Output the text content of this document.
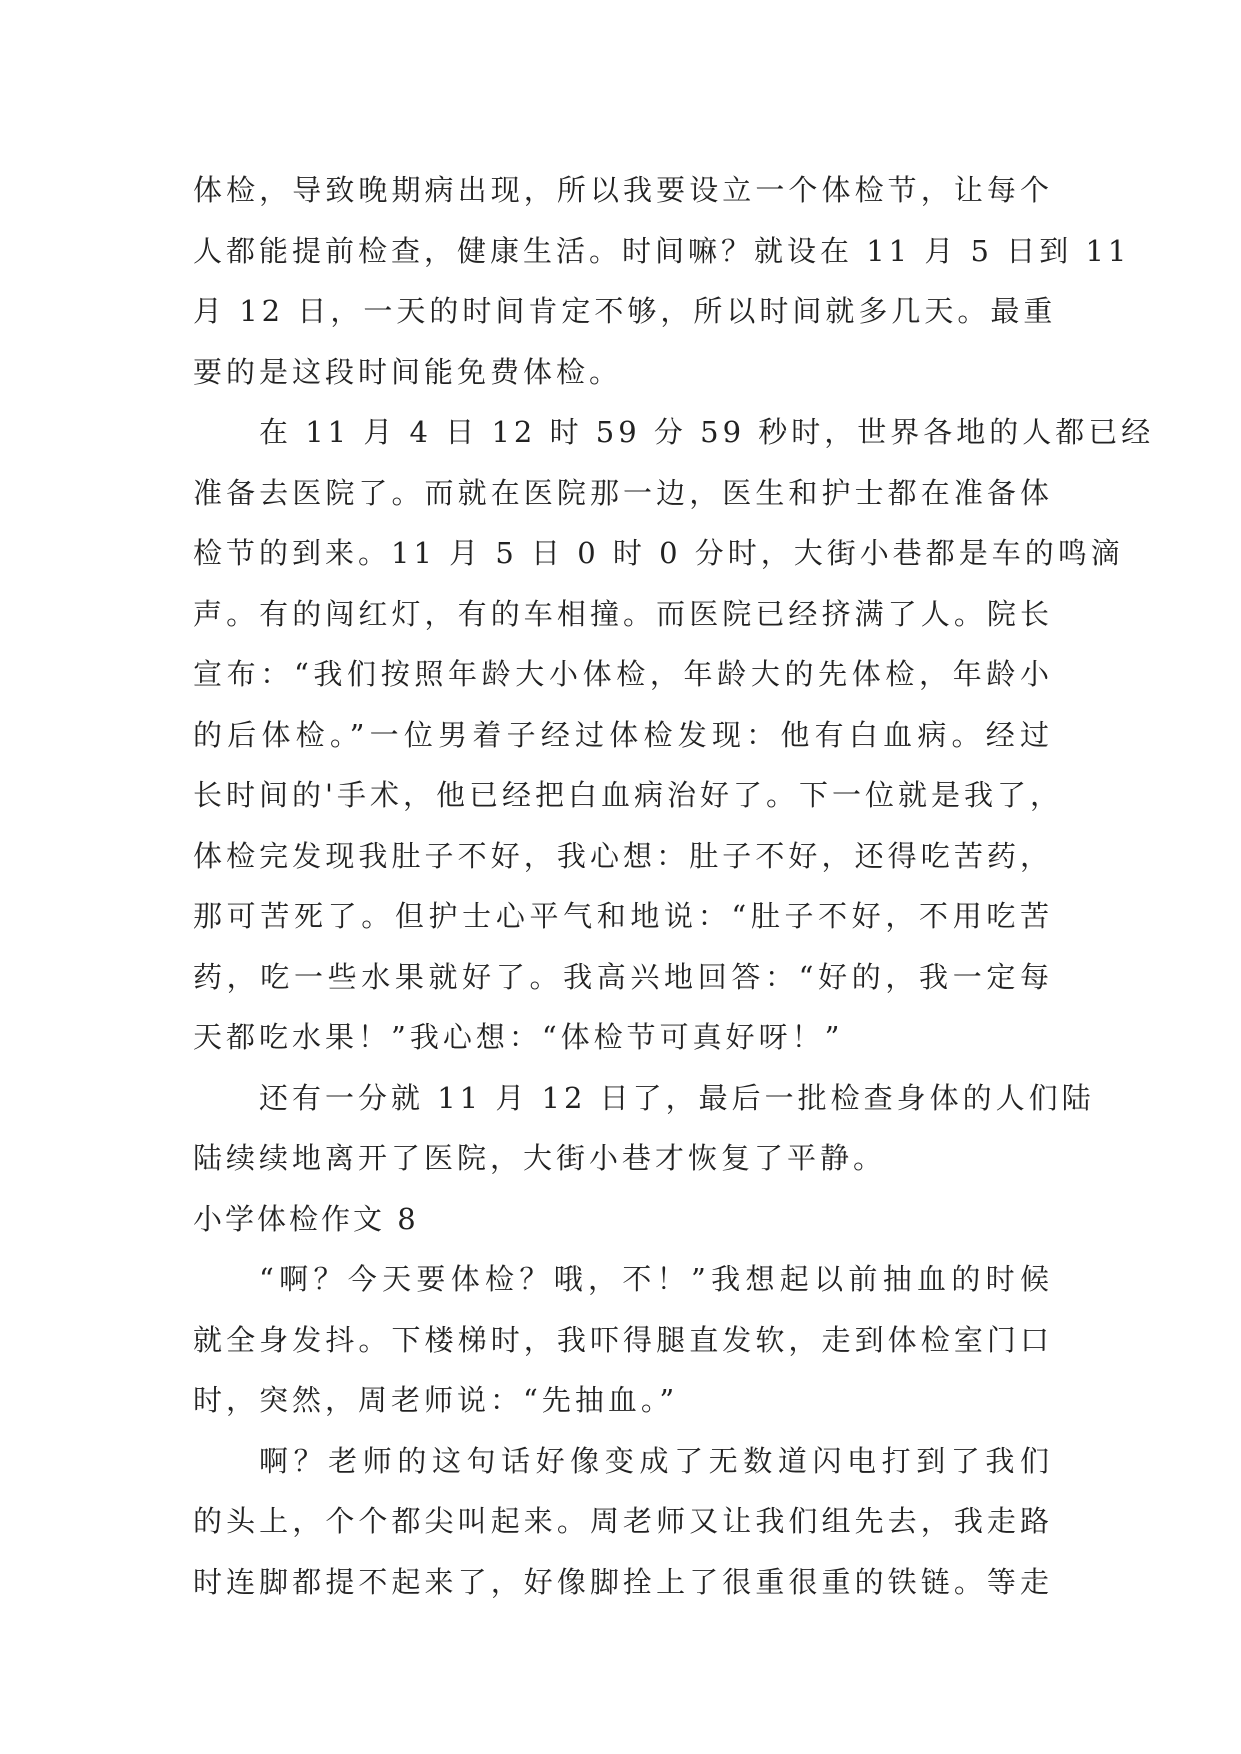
体检，导致晚期病出现，所以我要设立一个体检节，让每个
人都能提前检查，健康生活。时间嘛？就设在 11 月 5 日到 11
月 12 日，一天的时间肯定不够，所以时间就多几天。最重
要的是这段时间能免费体检。
在 11 月 4 日 12 时 59 分 59 秒时，世界各地的人都已经
准备去医院了。而就在医院那一边，医生和护士都在准备体
检节的到来。11 月 5 日 0 时 0 分时，大街小巷都是车的鸣滴
声。有的闯红灯，有的车相撞。而医院已经挤满了人。院长
宣布：“我们按照年龄大小体检，年龄大的先体检，年龄小
的后体检。”一位男着子经过体检发现：他有白血病。经过
长时间的'手术，他已经把白血病治好了。下一位就是我了，
体检完发现我肚子不好，我心想：肚子不好，还得吃苦药，
那可苦死了。但护士心平气和地说：“肚子不好，不用吃苦
药，吃一些水果就好了。我高兴地回答：“好的，我一定每
天都吃水果！”我心想：“体检节可真好呀！”
还有一分就 11 月 12 日了，最后一批检查身体的人们陆
陆续续地离开了医院，大街小巷才恢复了平静。
小学体检作文 8
“啊？今天要体检？哦，不！”我想起以前抽血的时候
就全身发抖。下楼梯时，我吓得腿直发软，走到体检室门口
时，突然，周老师说：“先抽血。”
啊？老师的这句话好像变成了无数道闪电打到了我们
的头上，个个都尖叫起来。周老师又让我们组先去，我走路
时连脚都提不起来了，好像脚拴上了很重很重的铁链。等走
